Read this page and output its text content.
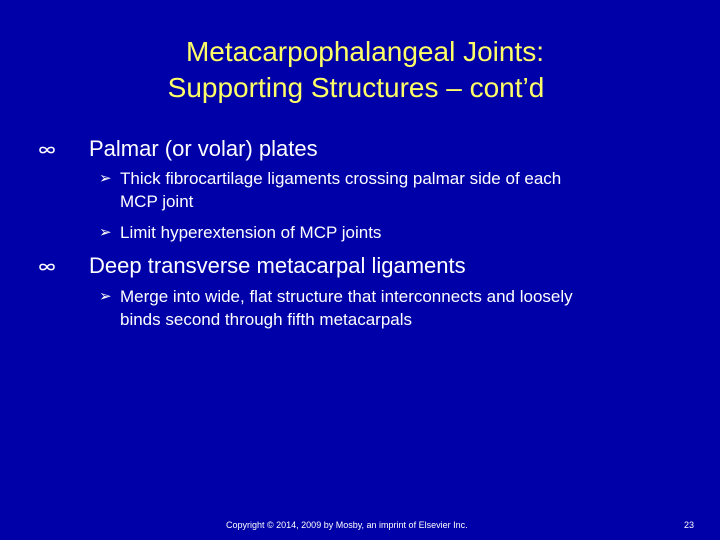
Metacarpophalangeal Joints:
Supporting Structures – cont’d
Palmar (or volar) plates
➢ Thick fibrocartilage ligaments crossing palmar side of each
MCP joint
➢ Limit hyperextension of MCP joints
Deep transverse metacarpal ligaments
➢ Merge into wide, flat structure that interconnects and loosely
binds second through fifth metacarpals
Copyright © 2014, 2009 by Mosby, an imprint of Elsevier Inc.	23
